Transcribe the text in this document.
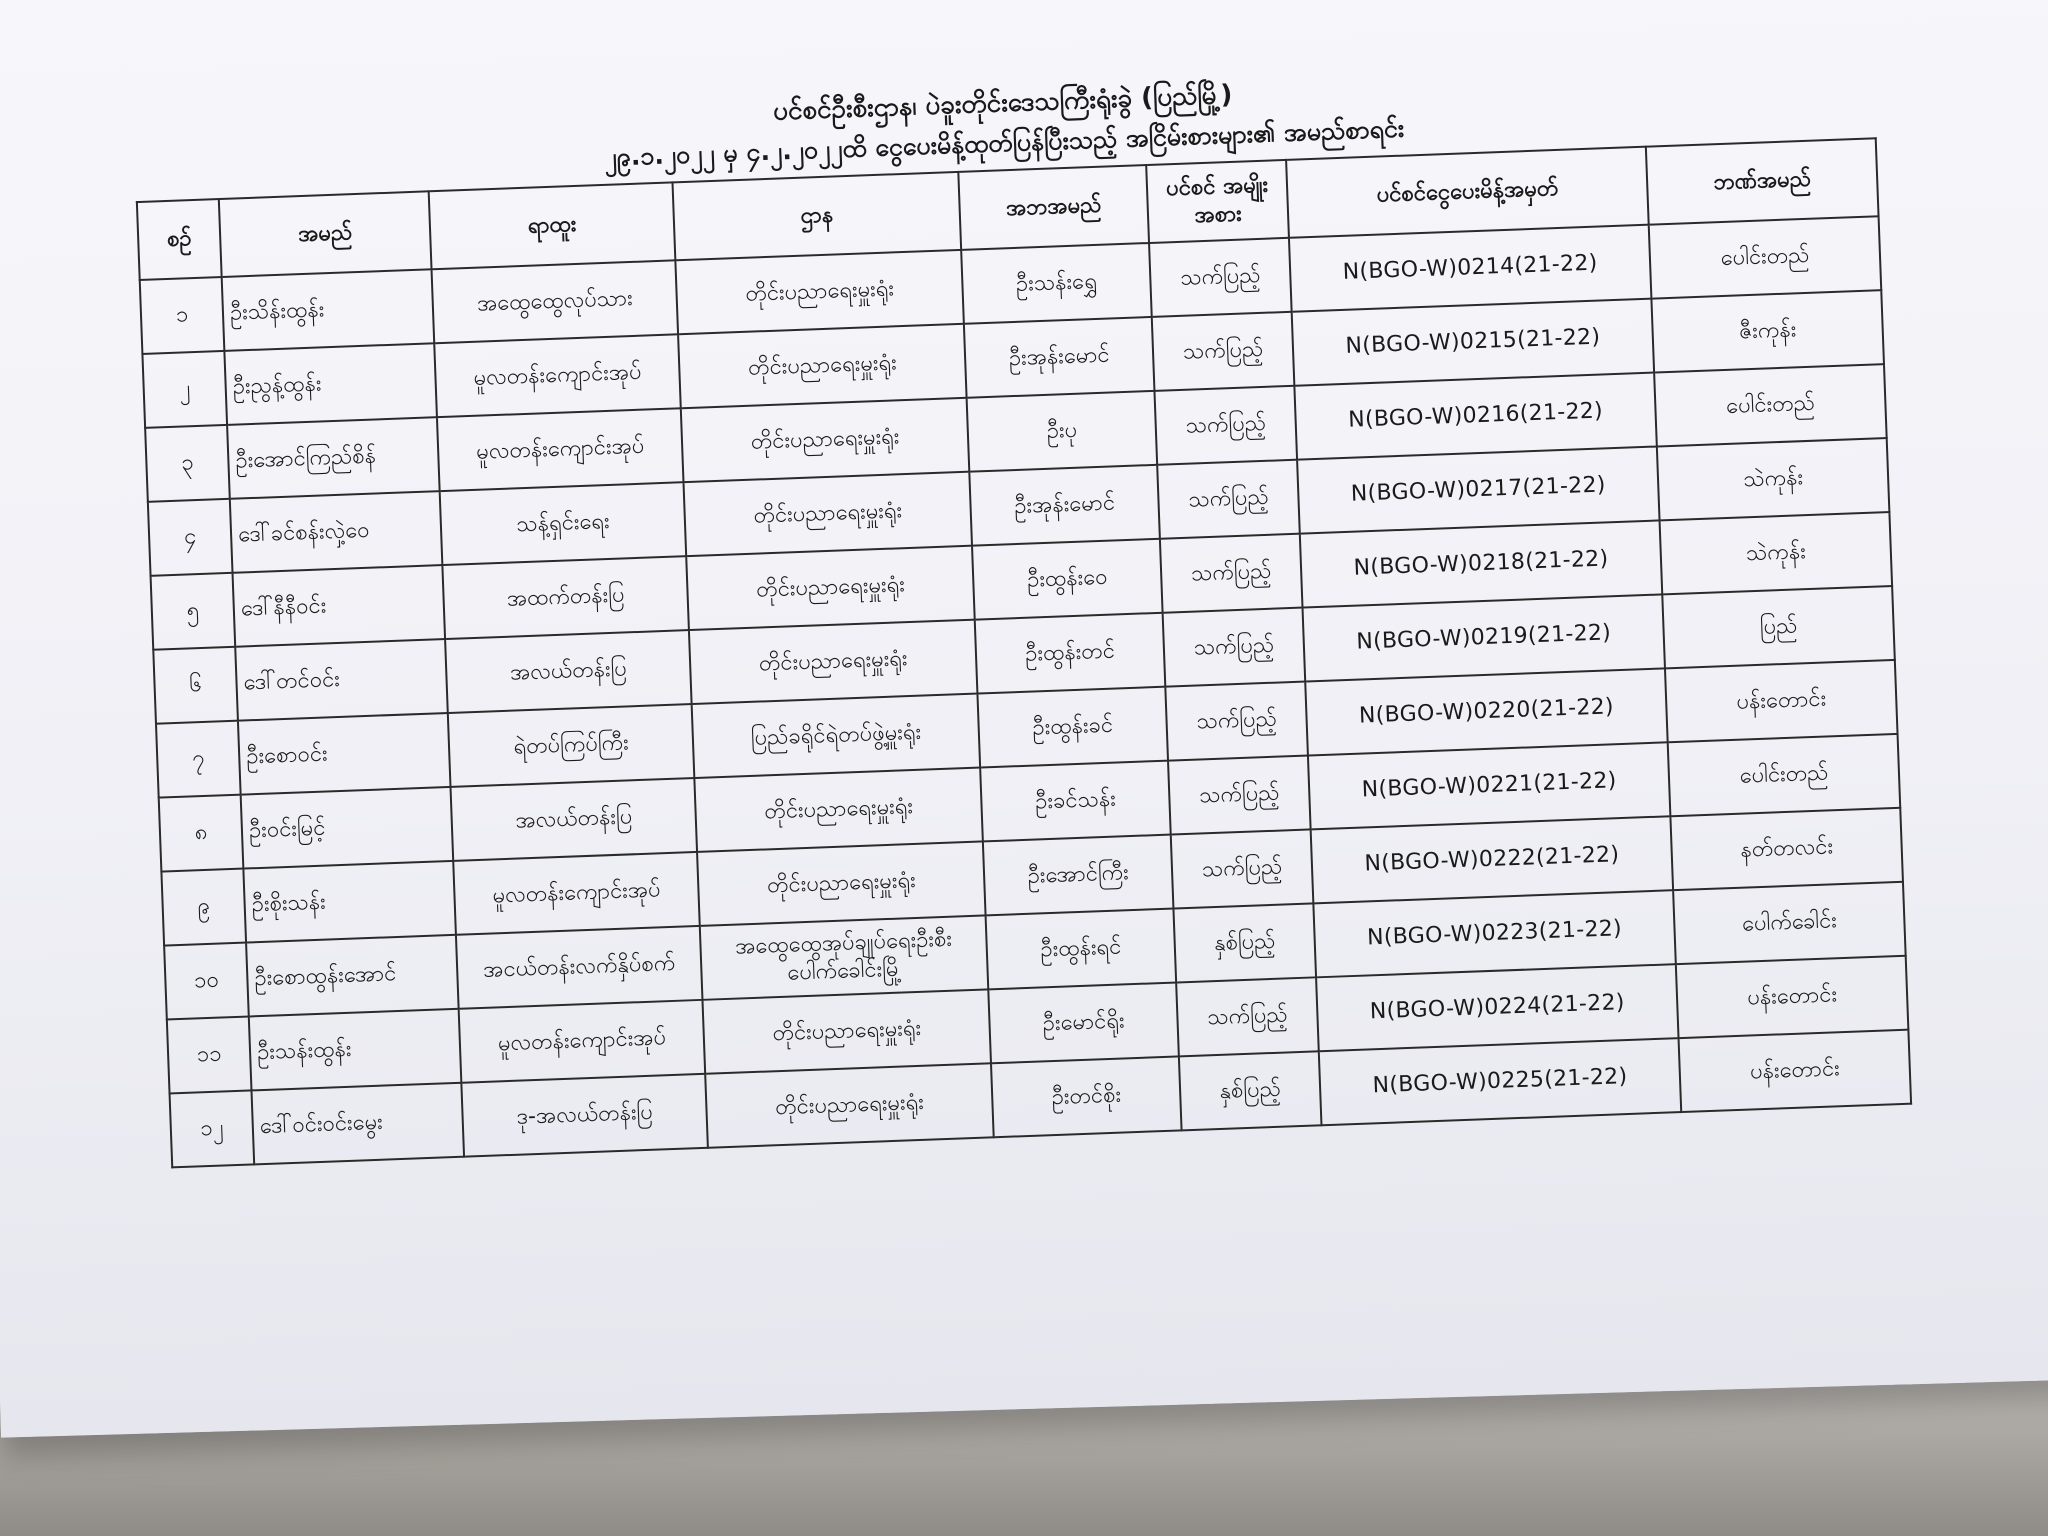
ပင်စင်ဦးစီးဌာန၊ ပဲခူးတိုင်းဒေသကြီးရုံးခွဲ (ပြည်မြို့)
၂၉.၁.၂၀၂၂ မှ ၄.၂.၂၀၂၂ထိ ငွေပေးမိန့်ထုတ်ပြန်ပြီးသည့် အငြိမ်းစားများ၏ အမည်စာရင်း
စဉ်	အမည်	ရာထူး	ဌာန	အဘအမည်	ပင်စင် အမျိုးအစား	ပင်စင်ငွေပေးမိန့်အမှတ်	ဘဏ်အမည်
၁	ဦးသိန်းထွန်း	အထွေထွေလုပ်သား	တိုင်းပညာရေးမှူးရုံး	ဦးသန်းရွှေ	သက်ပြည့်	N(BGO-W)0214(21-22)	ပေါင်းတည်
၂	ဦးညွန့်ထွန်း	မူလတန်းကျောင်းအုပ်	တိုင်းပညာရေးမှူးရုံး	ဦးအုန်းမောင်	သက်ပြည့်	N(BGO-W)0215(21-22)	ဇီးကုန်း
၃	ဦးအောင်ကြည်စိန်	မူလတန်းကျောင်းအုပ်	တိုင်းပညာရေးမှူးရုံး	ဦးပု	သက်ပြည့်	N(BGO-W)0216(21-22)	ပေါင်းတည်
၄	ဒေါ်ခင်စန်းလှဲ့ဝေ	သန့်ရှင်းရေး	တိုင်းပညာရေးမှူးရုံး	ဦးအုန်းမောင်	သက်ပြည့်	N(BGO-W)0217(21-22)	သဲကုန်း
၅	ဒေါ်နီနီဝင်း	အထက်တန်းပြ	တိုင်းပညာရေးမှူးရုံး	ဦးထွန်းဝေ	သက်ပြည့်	N(BGO-W)0218(21-22)	သဲကုန်း
၆	ဒေါ်တင်ဝင်း	အလယ်တန်းပြ	တိုင်းပညာရေးမှူးရုံး	ဦးထွန်းတင်	သက်ပြည့်	N(BGO-W)0219(21-22)	ပြည်
၇	ဦးစောဝင်း	ရဲတပ်ကြပ်ကြီး	ပြည်ခရိုင်ရဲတပ်ဖွဲ့မှူးရုံး	ဦးထွန်းခင်	သက်ပြည့်	N(BGO-W)0220(21-22)	ပန်းတောင်း
၈	ဦးဝင်းမြင့်	အလယ်တန်းပြ	တိုင်းပညာရေးမှူးရုံး	ဦးခင်သန်း	သက်ပြည့်	N(BGO-W)0221(21-22)	ပေါင်းတည်
၉	ဦးစိုးသန်း	မူလတန်းကျောင်းအုပ်	တိုင်းပညာရေးမှူးရုံး	ဦးအောင်ကြီး	သက်ပြည့်	N(BGO-W)0222(21-22)	နတ်တလင်း
၁၀	ဦးစောထွန်းအောင်	အငယ်တန်းလက်နှိပ်စက်	အထွေထွေအုပ်ချုပ်ရေးဦးစီး ပေါက်ခေါင်းမြို့	ဦးထွန်းရင်	နှစ်ပြည့်	N(BGO-W)0223(21-22)	ပေါက်ခေါင်း
၁၁	ဦးသန်းထွန်း	မူလတန်းကျောင်းအုပ်	တိုင်းပညာရေးမှူးရုံး	ဦးမောင်ရိုး	သက်ပြည့်	N(BGO-W)0224(21-22)	ပန်းတောင်း
၁၂	ဒေါ်ဝင်းဝင်းမွေး	ဒု-အလယ်တန်းပြ	တိုင်းပညာရေးမှူးရုံး	ဦးတင်စိုး	နှစ်ပြည့်	N(BGO-W)0225(21-22)	ပန်းတောင်း
